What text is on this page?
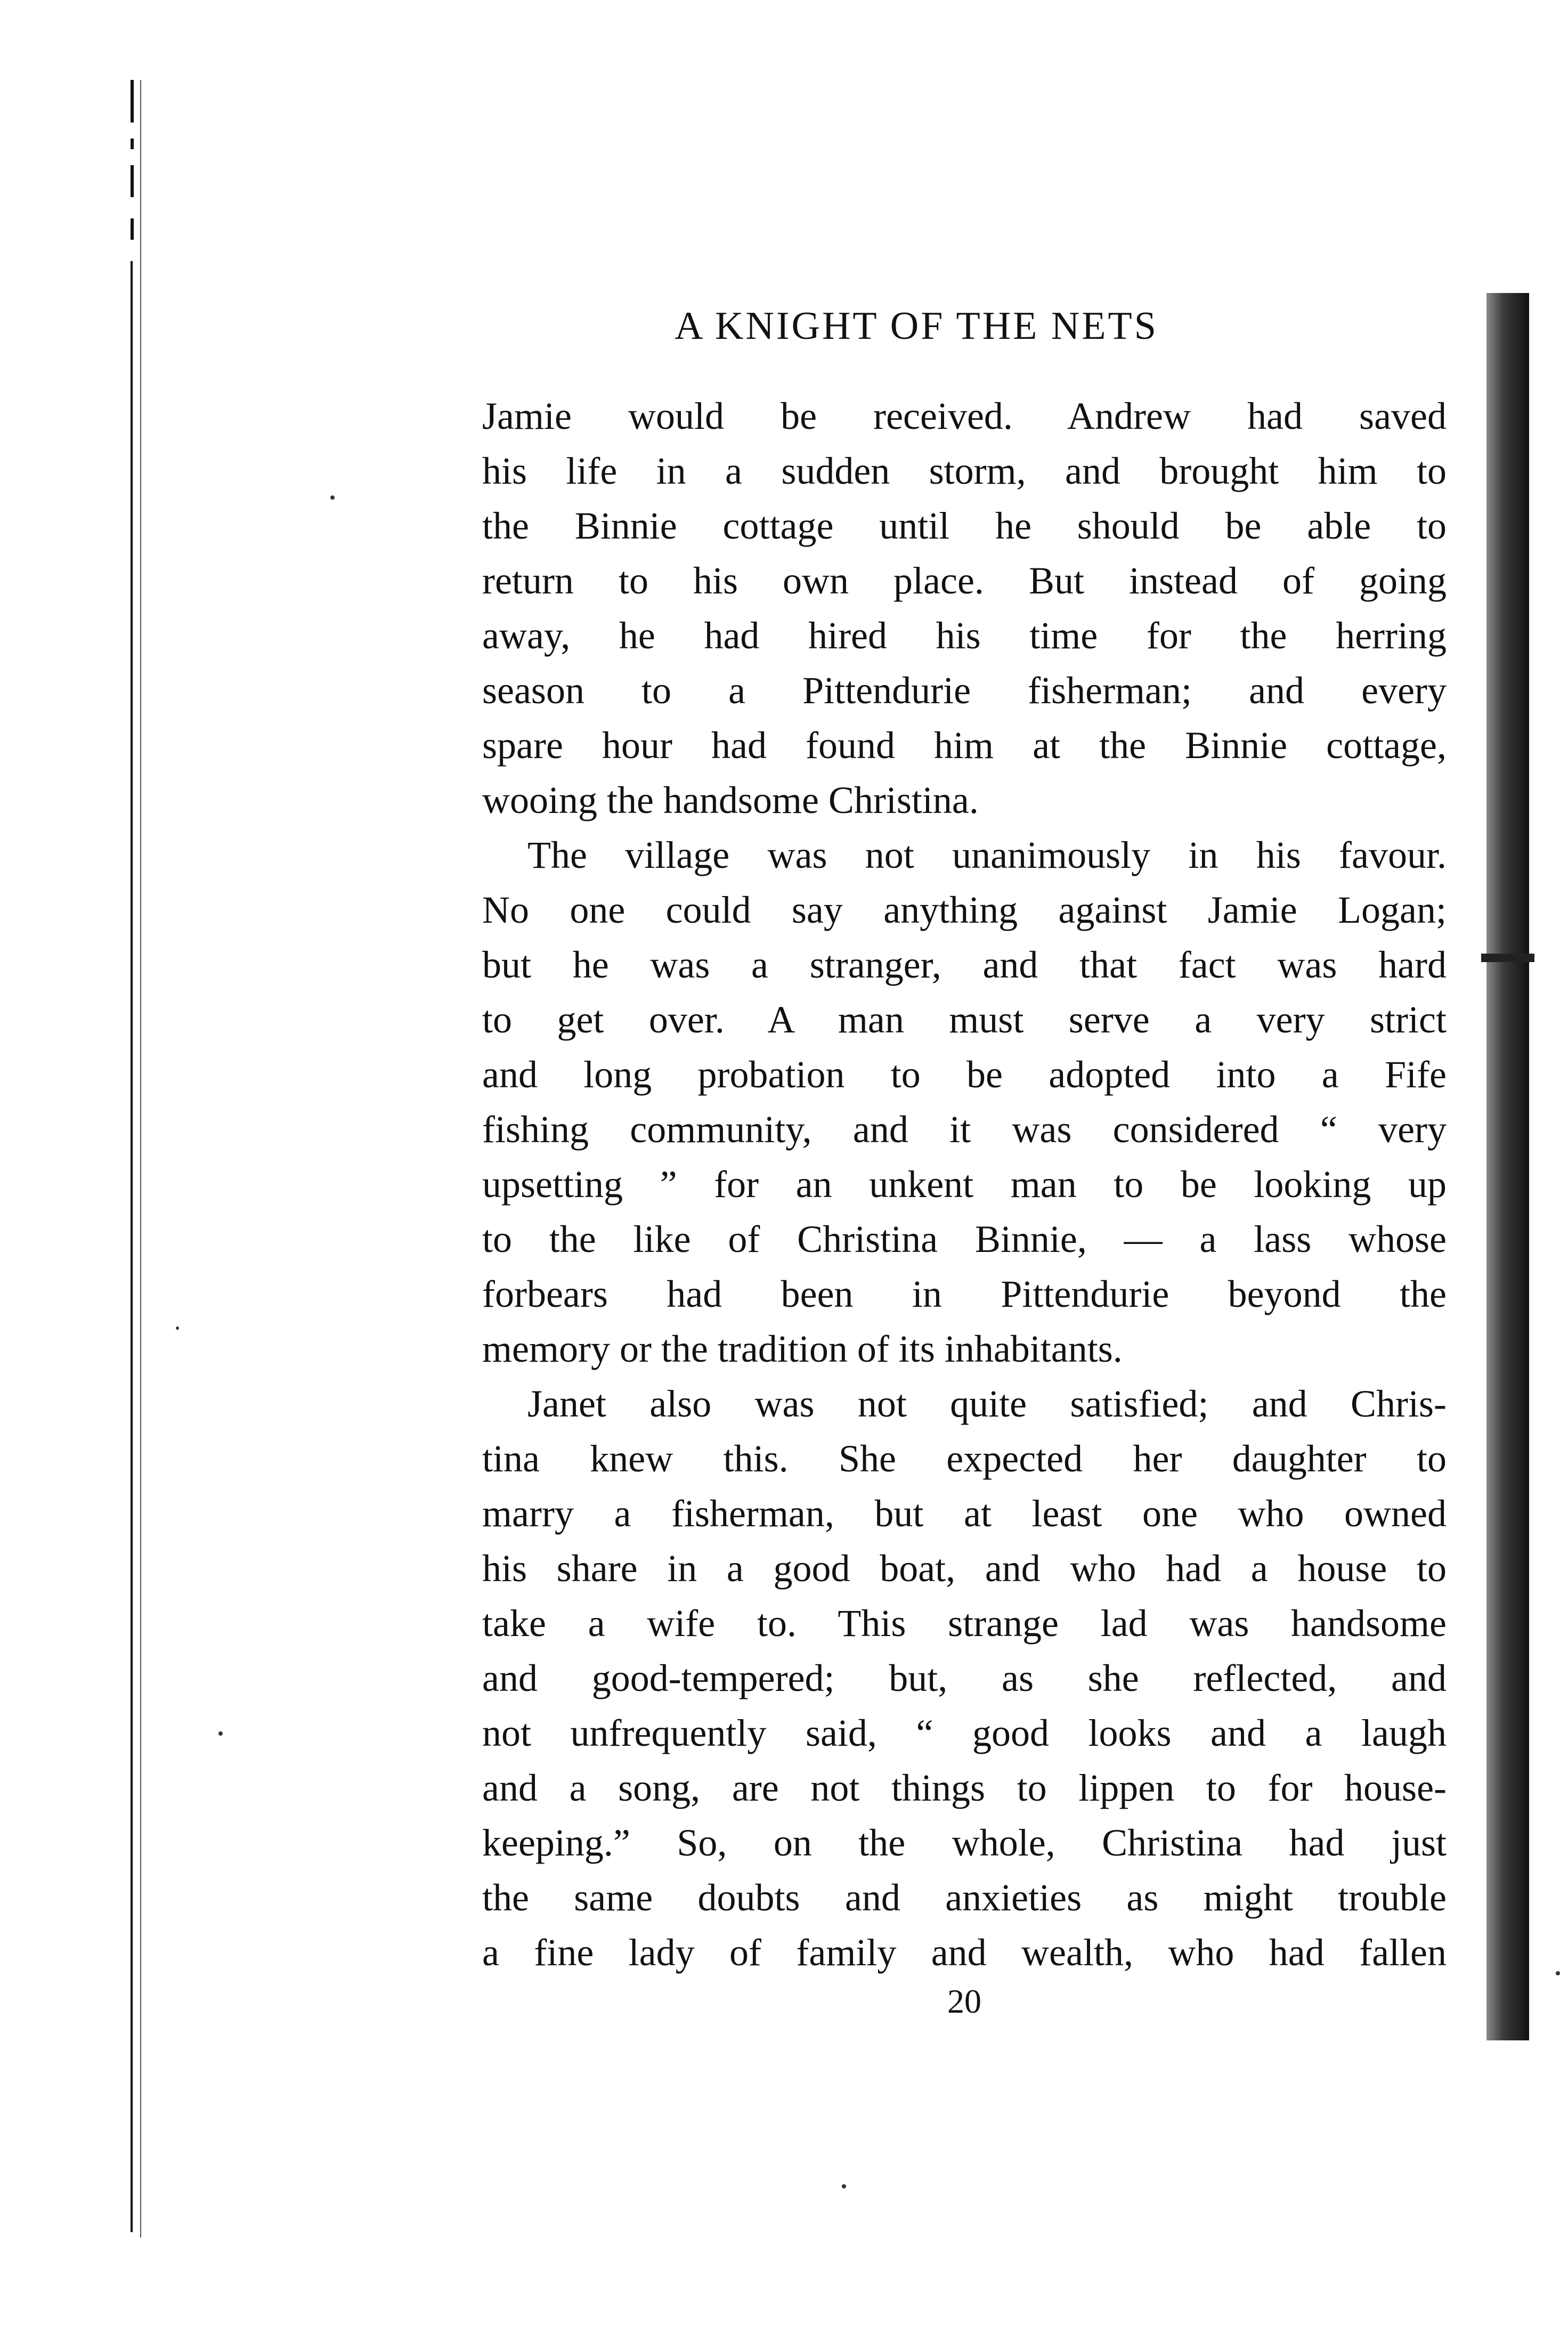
A KNIGHT OF THE NETS
Jamie would be received. Andrew had saved
his life in a sudden storm, and brought him to
the Binnie cottage until he should be able to
return to his own place. But instead of going
away, he had hired his time for the herring
season to a Pittendurie fisherman; and every
spare hour had found him at the Binnie cottage,
wooing the handsome Christina.
The village was not unanimously in his favour.
No one could say anything against Jamie Logan;
but he was a stranger, and that fact was hard
to get over. A man must serve a very strict
and long probation to be adopted into a Fife
fishing community, and it was considered “ very
upsetting ” for an unkent man to be looking up
to the like of Christina Binnie, — a lass whose
forbears had been in Pittendurie beyond the
memory or the tradition of its inhabitants.
Janet also was not quite satisfied; and Chris-
tina knew this. She expected her daughter to
marry a fisherman, but at least one who owned
his share in a good boat, and who had a house to
take a wife to. This strange lad was handsome
and good-tempered; but, as she reflected, and
not unfrequently said, “ good looks and a laugh
and a song, are not things to lippen to for house-
keeping.” So, on the whole, Christina had just
the same doubts and anxieties as might trouble
a fine lady of family and wealth, who had fallen
20
